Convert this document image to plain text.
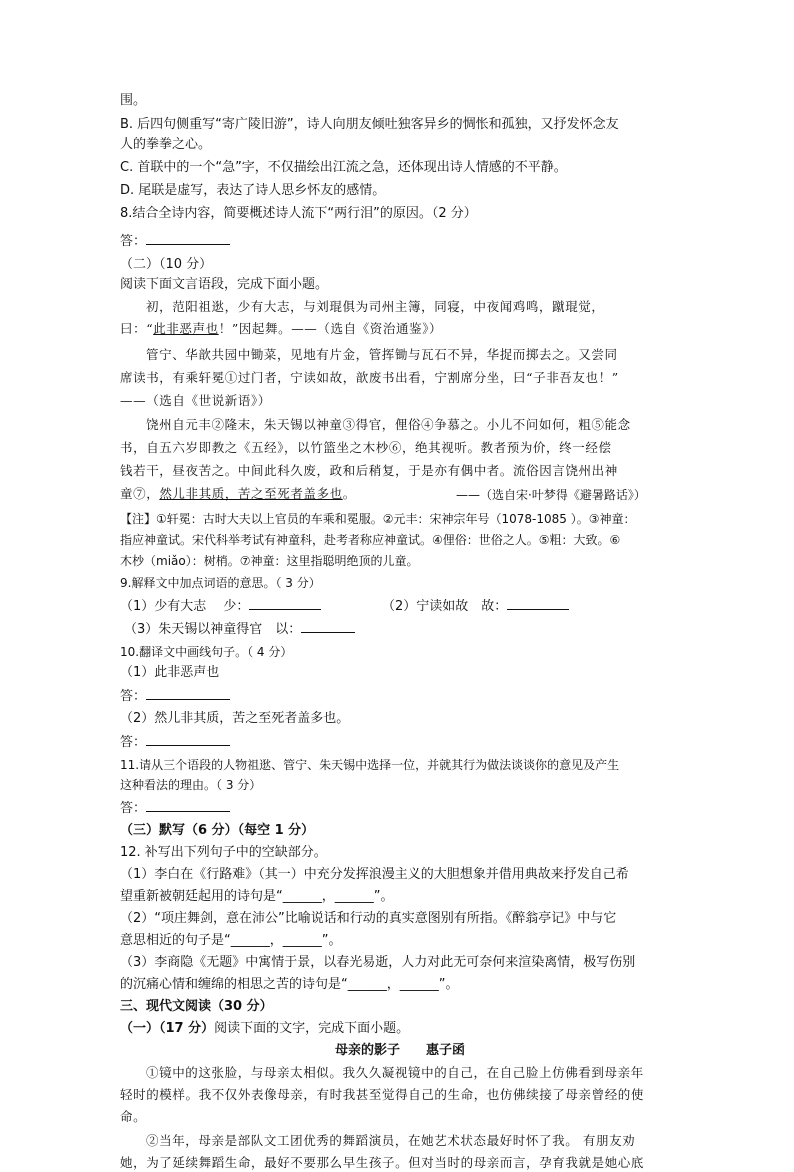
围。
B. 后四句侧重写“寄广陵旧游”，诗人向朋友倾吐独客异乡的惆怅和孤独，又抒发怀念友
人的拳拳之心。
C. 首联中的一个“急”字，不仅描绘出江流之急，还体现出诗人情感的不平静。
D. 尾联是虚写，表达了诗人思乡怀友的感情。
8.结合全诗内容，简要概述诗人流下“两行泪”的原因。（2 分）
答：
（二）（10 分）
阅读下面文言语段，完成下面小题。
初，范阳祖逖，少有大志，与刘琨俱为司州主簿，同寝，中夜闻鸡鸣，蹴琨觉，
曰：“此非恶声也！”因起舞。——（选自《资治通鉴》）
管宁、华歆共园中锄菜，见地有片金，管挥锄与瓦石不异，华捉而掷去之。又尝同
席读书，有乘轩冕①过门者，宁读如故，歆废书出看，宁割席分坐，曰“子非吾友也！”
——（选自《世说新语》）
饶州自元丰②隆末，朱天锡以神童③得官，俚俗④争慕之。小儿不问如何，粗⑤能念
书，自五六岁即教之《五经》，以竹篮坐之木杪⑥，绝其视听。教者预为价，终一经偿
钱若干，昼夜苦之。中间此科久废，政和后稍复，于是亦有偶中者。流俗因言饶州出神
童⑦，然儿非其质，苦之至死者盖多也。	——（选自宋·叶梦得《避暑路话》）
【注】①轩冕：古时大夫以上官员的车乘和冕服。②元丰：宋神宗年号（1078-1085 ）。③神童：
指应神童试。宋代科举考试有神童科，赴考者称应神童试。④俚俗：世俗之人。⑤粗：大致。⑥
木杪（miǎo）：树梢。⑦神童：这里指聪明绝顶的儿童。
9.解释文中加点词语的意思。（ 3 分）
（1）少有大志　 少：	（2）宁读如故　故：
（3）朱天锡以神童得官　以：
10.翻译文中画线句子。（ 4 分）
（1）此非恶声也
答：
（2）然儿非其质，苦之至死者盖多也。
答：
11.请从三个语段的人物祖逖、管宁、朱天锡中选择一位，并就其行为做法谈谈你的意见及产生
这种看法的理由。（ 3 分）
答：
（三）默写（6 分）（每空 1 分）
12. 补写出下列句子中的空缺部分。
（1）李白在《行路难》（其一）中充分发挥浪漫主义的大胆想象并借用典故来抒发自己希
望重新被朝廷起用的诗句是“______，______”。
（2）“项庄舞剑，意在沛公”比喻说话和行动的真实意图别有所指。《醉翁亭记》中与它
意思相近的句子是“______，______”。
（3）李商隐《无题》中寓情于景，以春光易逝，人力对此无可奈何来渲染离情，极写伤别
的沉痛心情和缠绵的相思之苦的诗句是“______，______”。
三、现代文阅读（30 分）
（一）（17 分）阅读下面的文字，完成下面小题。
母亲的影子　　 惠子函
①镜中的这张脸，与母亲太相似。我久久凝视镜中的自己，在自己脸上仿佛看到母亲年
轻时的模样。我不仅外表像母亲，有时我甚至觉得自己的生命，也仿佛续接了母亲曾经的使
命。
②当年，母亲是部队文工团优秀的舞蹈演员，在她艺术状态最好时怀了我。 有朋友劝
她，为了延续舞蹈生命，最好不要那么早生孩子。但对当时的母亲而言，孕育我就是她心底
